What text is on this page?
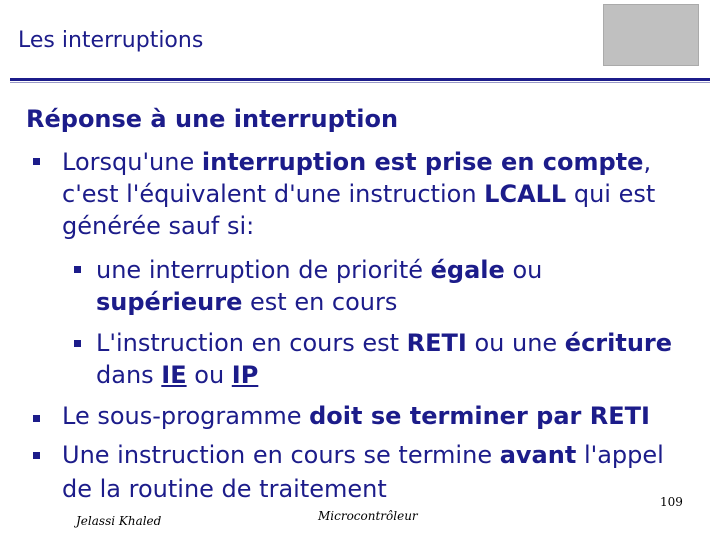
Les interruptions
Réponse à une interruption
Lorsqu'une interruption est prise en compte,
c'est l'équivalent d'une instruction LCALL qui est
générée sauf si:
une interruption de priorité égale ou
supérieure est en cours
L'instruction en cours est RETI ou une écriture
dans IE ou IP
Le sous-programme doit se terminer par RETI
Une instruction en cours se termine avant l'appel
de la routine de traitement	109
Jelassi Khaled	Microcontrôleur
